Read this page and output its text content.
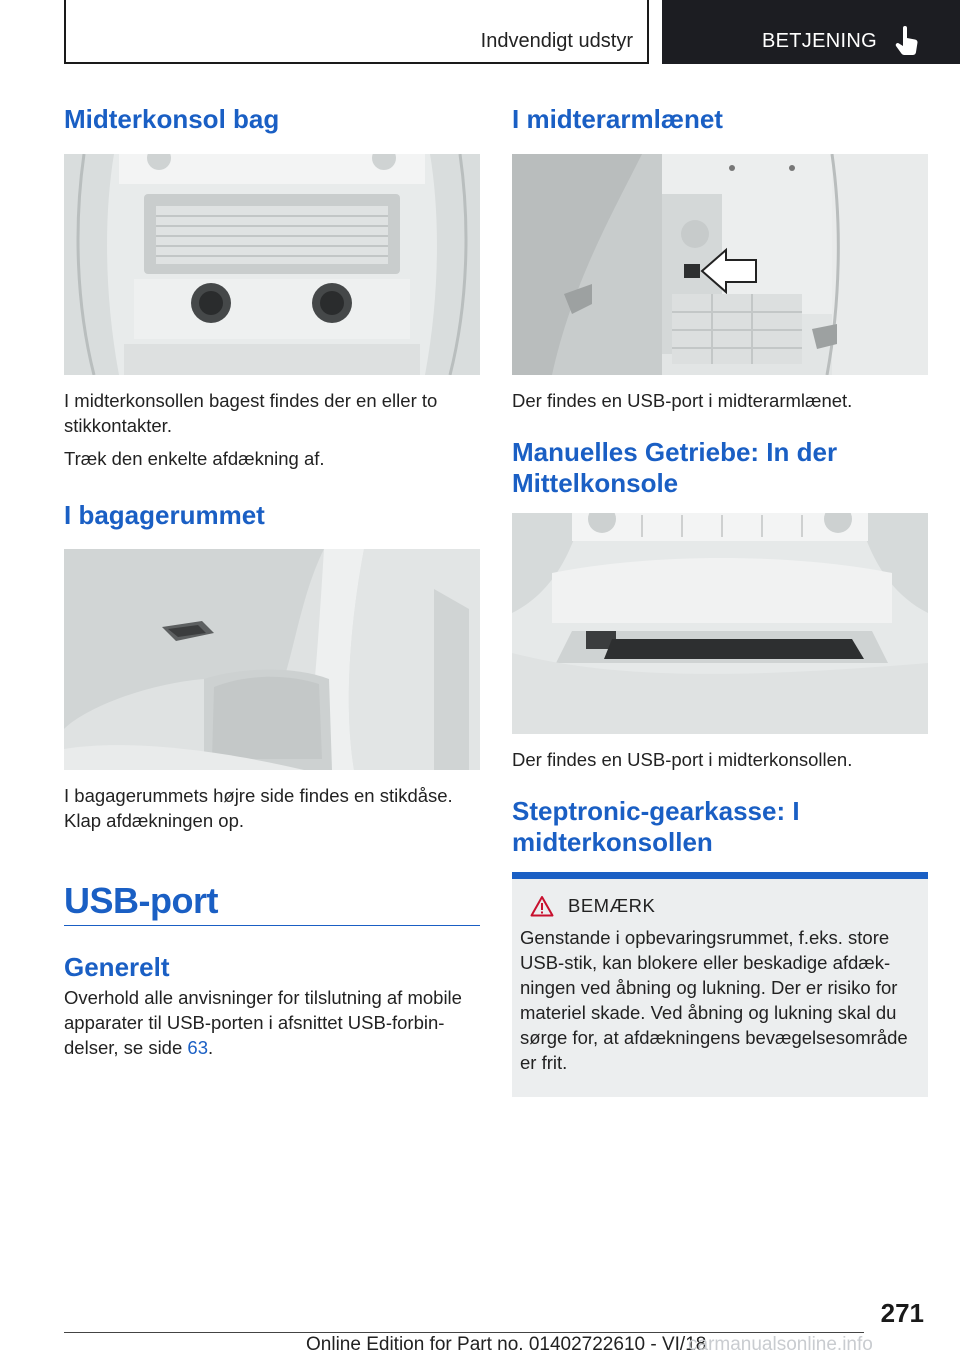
Indvendigt udstyr	BETJENING
Midterkonsol bag

I midterkonsollen bagest findes der en eller to stikkontakter.

Træk den enkelte afdækning af.

I bagagerummet

I bagagerummets højre side findes en stikdåse. Klap afdækningen op.

USB-port
Generelt

Overhold alle anvisninger for tilslutning af mobile apparater til USB-porten i afsnittet USB-forbin-delser, se side 63.

I midterarmlænet

Der findes en USB-port i midterarmlænet.

Manuelles Getriebe: In der Mittelkonsole

Der findes en USB-port i midterkonsollen.

Steptronic-gearkasse: I midterkonsollen
BEMÆRK

Genstande i opbevaringsrummet, f.eks. store USB-stik, kan blokere eller beskadige afdæk-ningen ved åbning og lukning. Der er risiko for materiel skade. Ved åbning og lukning skal du sørge for, at afdækningens bevægelsesområde er frit.

271
Online Edition for Part no. 01402722610 - VI/18
carmanualsonline.info
